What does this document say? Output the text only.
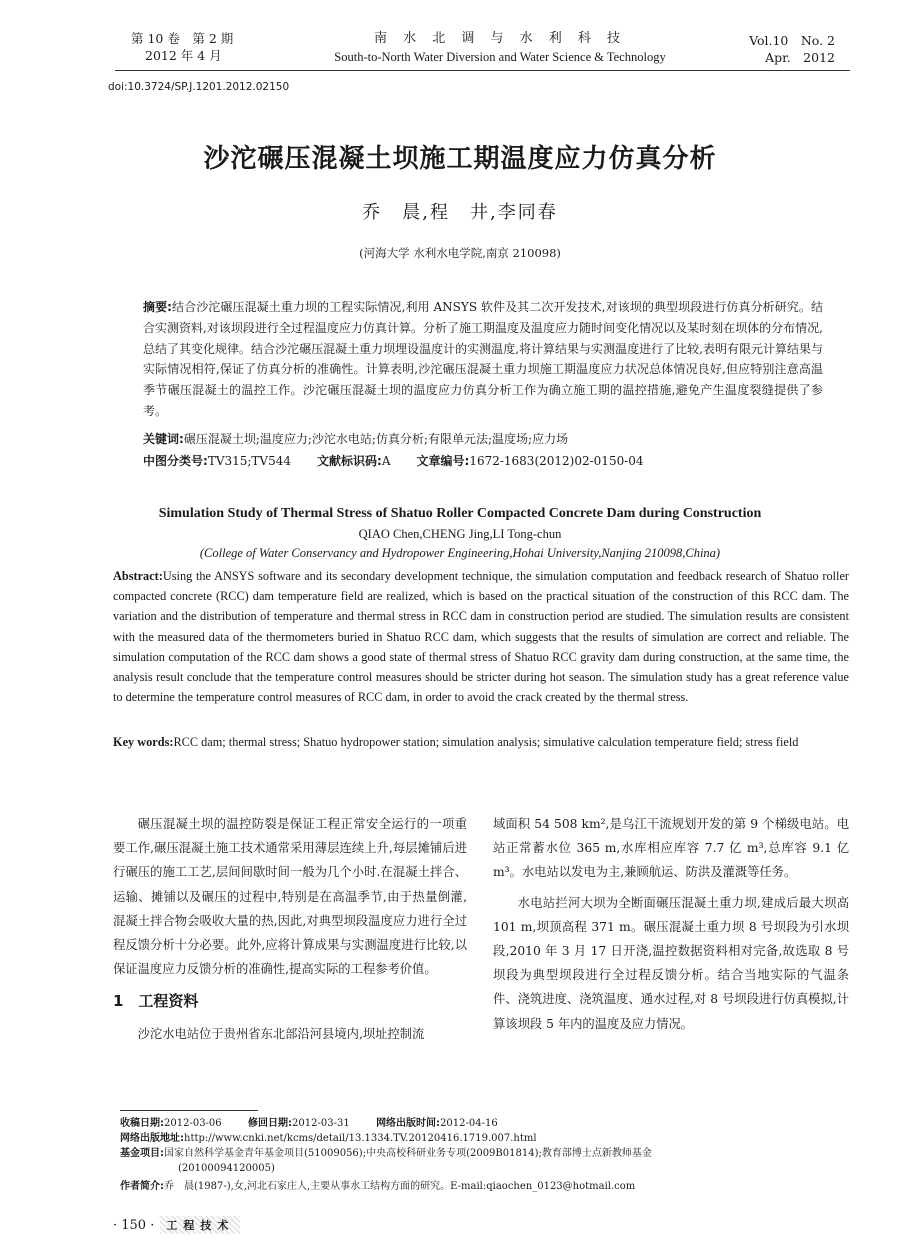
第 10 卷　第 2 期
2012 年 4 月
南 水 北 调 与 水 利 科 技
South-to-North Water Diversion and Water Science & Technology
Vol.10　No. 2
Apr.　2012
doi:10.3724/SP.J.1201.2012.02150
沙沱碾压混凝土坝施工期温度应力仿真分析
乔　晨,程　井,李同春
(河海大学 水利水电学院,南京 210098)
摘要:结合沙沱碾压混凝土重力坝的工程实际情况,利用 ANSYS 软件及其二次开发技术,对该坝的典型坝段进行仿真分析研究。结合实测资料,对该坝段进行全过程温度应力仿真计算。分析了施工期温度及温度应力随时间变化情况以及某时刻在坝体的分布情况,总结了其变化规律。结合沙沱碾压混凝土重力坝埋设温度计的实测温度,将计算结果与实测温度进行了比较,表明有限元计算结果与实际情况相符,保证了仿真分析的准确性。计算表明,沙沱碾压混凝土重力坝施工期温度应力状况总体情况良好,但应特别注意高温季节碾压混凝土的温控工作。沙沱碾压混凝土坝的温度应力仿真分析工作为确立施工期的温控措施,避免产生温度裂缝提供了参考。
关键词:碾压混凝土坝;温度应力;沙沱水电站;仿真分析;有限单元法;温度场;应力场
中图分类号:TV315;TV544 文献标识码:A 文章编号:1672-1683(2012)02-0150-04
Simulation Study of Thermal Stress of Shatuo Roller Compacted Concrete Dam during Construction
QIAO Chen,CHENG Jing,LI Tong-chun
(College of Water Conservancy and Hydropower Engineering,Hohai University,Nanjing 210098,China)
Abstract:Using the ANSYS software and its secondary development technique, the simulation computation and feedback research of Shatuo roller compacted concrete (RCC) dam temperature field are realized, which is based on the practical situation of the construction of this RCC dam. The variation and the distribution of temperature and thermal stress in RCC dam in construction period are studied. The simulation results are consistent with the measured data of the thermometers buried in Shatuo RCC dam, which suggests that the results of simulation are correct and reliable. The simulation computation of the RCC dam shows a good state of thermal stress of Shatuo RCC gravity dam during construction, at the same time, the analysis result conclude that the temperature control measures should be stricter during hot season. The simulation study has a great reference value to determine the temperature control measures of RCC dam, in order to avoid the crack created by the thermal stress.
Key words:RCC dam; thermal stress; Shatuo hydropower station; simulation analysis; simulative calculation temperature field; stress field

碾压混凝土坝的温控防裂是保证工程正常安全运行的一项重要工作,碾压混凝土施工技术通常采用薄层连续上升,每层摊铺后进行碾压的施工工艺,层间间歇时间一般为几个小时.在混凝土拌合、运输、摊铺以及碾压的过程中,特别是在高温季节,由于热量倒灌,混凝土拌合物会吸收大量的热,因此,对典型坝段温度应力进行全过程反馈分析十分必要。此外,应将计算成果与实测温度进行比较,以保证温度应力反馈分析的准确性,提高实际的工程参考价值。

1　工程资料

沙沱水电站位于贵州省东北部沿河县境内,坝址控制流

域面积 54 508 km²,是乌江干流规划开发的第 9 个梯级电站。电站正常蓄水位 365 m,水库相应库容 7.7 亿 m³,总库容 9.1 亿 m³。水电站以发电为主,兼顾航运、防洪及灌溉等任务。

水电站拦河大坝为全断面碾压混凝土重力坝,建成后最大坝高 101 m,坝顶高程 371 m。碾压混凝土重力坝 8 号坝段为引水坝段,2010 年 3 月 17 日开浇,温控数据资料相对完备,故选取 8 号坝段为典型坝段进行全过程反馈分析。结合当地实际的气温条件、浇筑进度、浇筑温度、通水过程,对 8 号坝段进行仿真模拟,计算该坝段 5 年内的温度及应力情况。

收稿日期:2012-03-06	修回日期:2012-03-31	网络出版时间:2012-04-16
网络出版地址:http://www.cnki.net/kcms/detail/13.1334.TV.20120416.1719.007.html
基金项目:国家自然科学基金青年基金项目(51009056);中央高校科研业务专项(2009B01814);教育部博士点新教师基金
(20100094120005)
作者简介:乔　晨(1987-),女,河北石家庄人,主要从事水工结构方面的研究。E-mail:qiaochen_0123@hotmail.com
· 150 · 工程技术
